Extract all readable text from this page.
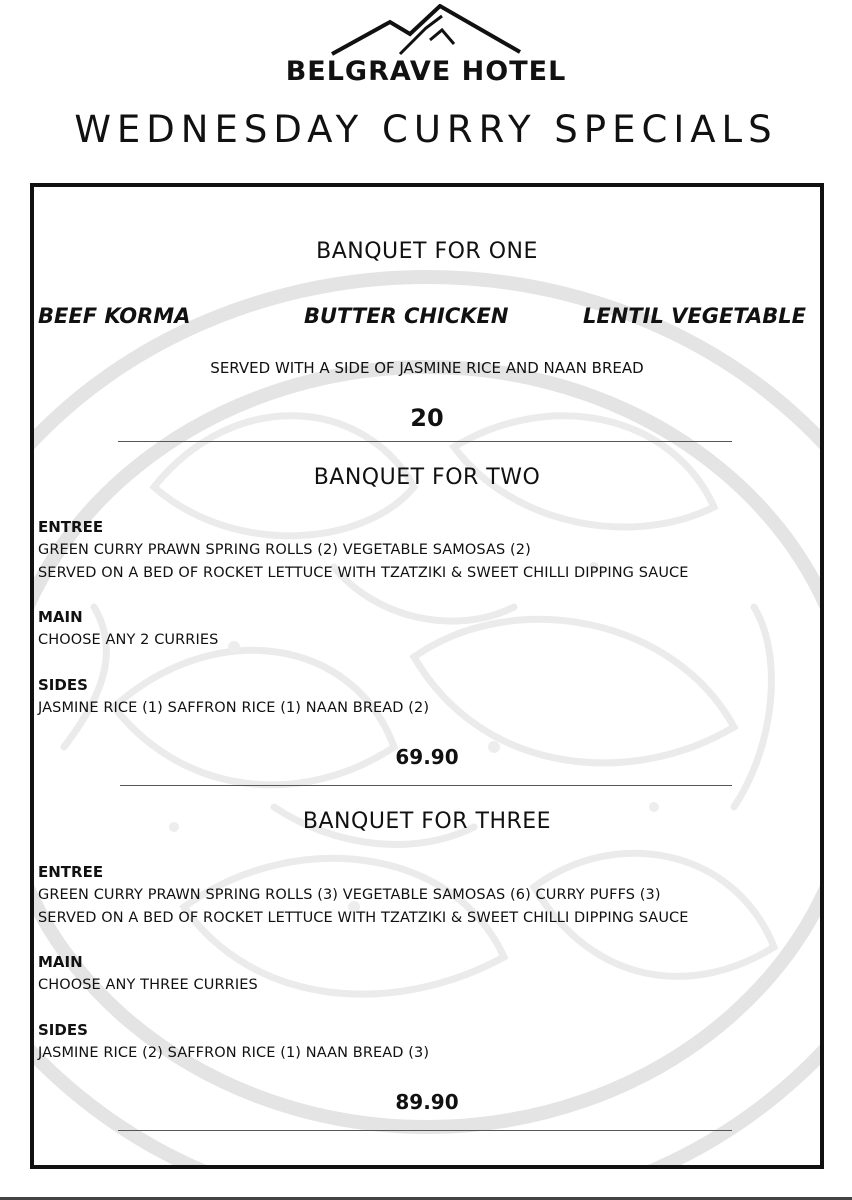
BELGRAVE HOTEL
WEDNESDAY CURRY SPECIALS
BANQUET FOR ONE
BEEF KORMA	BUTTER CHICKEN	LENTIL VEGETABLE
SERVED WITH A SIDE OF JASMINE RICE AND NAAN BREAD
20
BANQUET FOR TWO
ENTREE
GREEN CURRY PRAWN SPRING ROLLS (2) VEGETABLE SAMOSAS (2)
SERVED ON A BED OF ROCKET LETTUCE WITH TZATZIKI & SWEET CHILLI DIPPING SAUCE
MAIN
CHOOSE ANY 2 CURRIES
SIDES
JASMINE RICE (1) SAFFRON RICE (1) NAAN BREAD (2)
69.90
BANQUET FOR THREE
ENTREE
GREEN CURRY PRAWN SPRING ROLLS (3) VEGETABLE SAMOSAS (6) CURRY PUFFS (3)
SERVED ON A BED OF ROCKET LETTUCE WITH TZATZIKI & SWEET CHILLI DIPPING SAUCE
MAIN
CHOOSE ANY THREE CURRIES
SIDES
JASMINE RICE (2) SAFFRON RICE (1) NAAN BREAD (3)
89.90
